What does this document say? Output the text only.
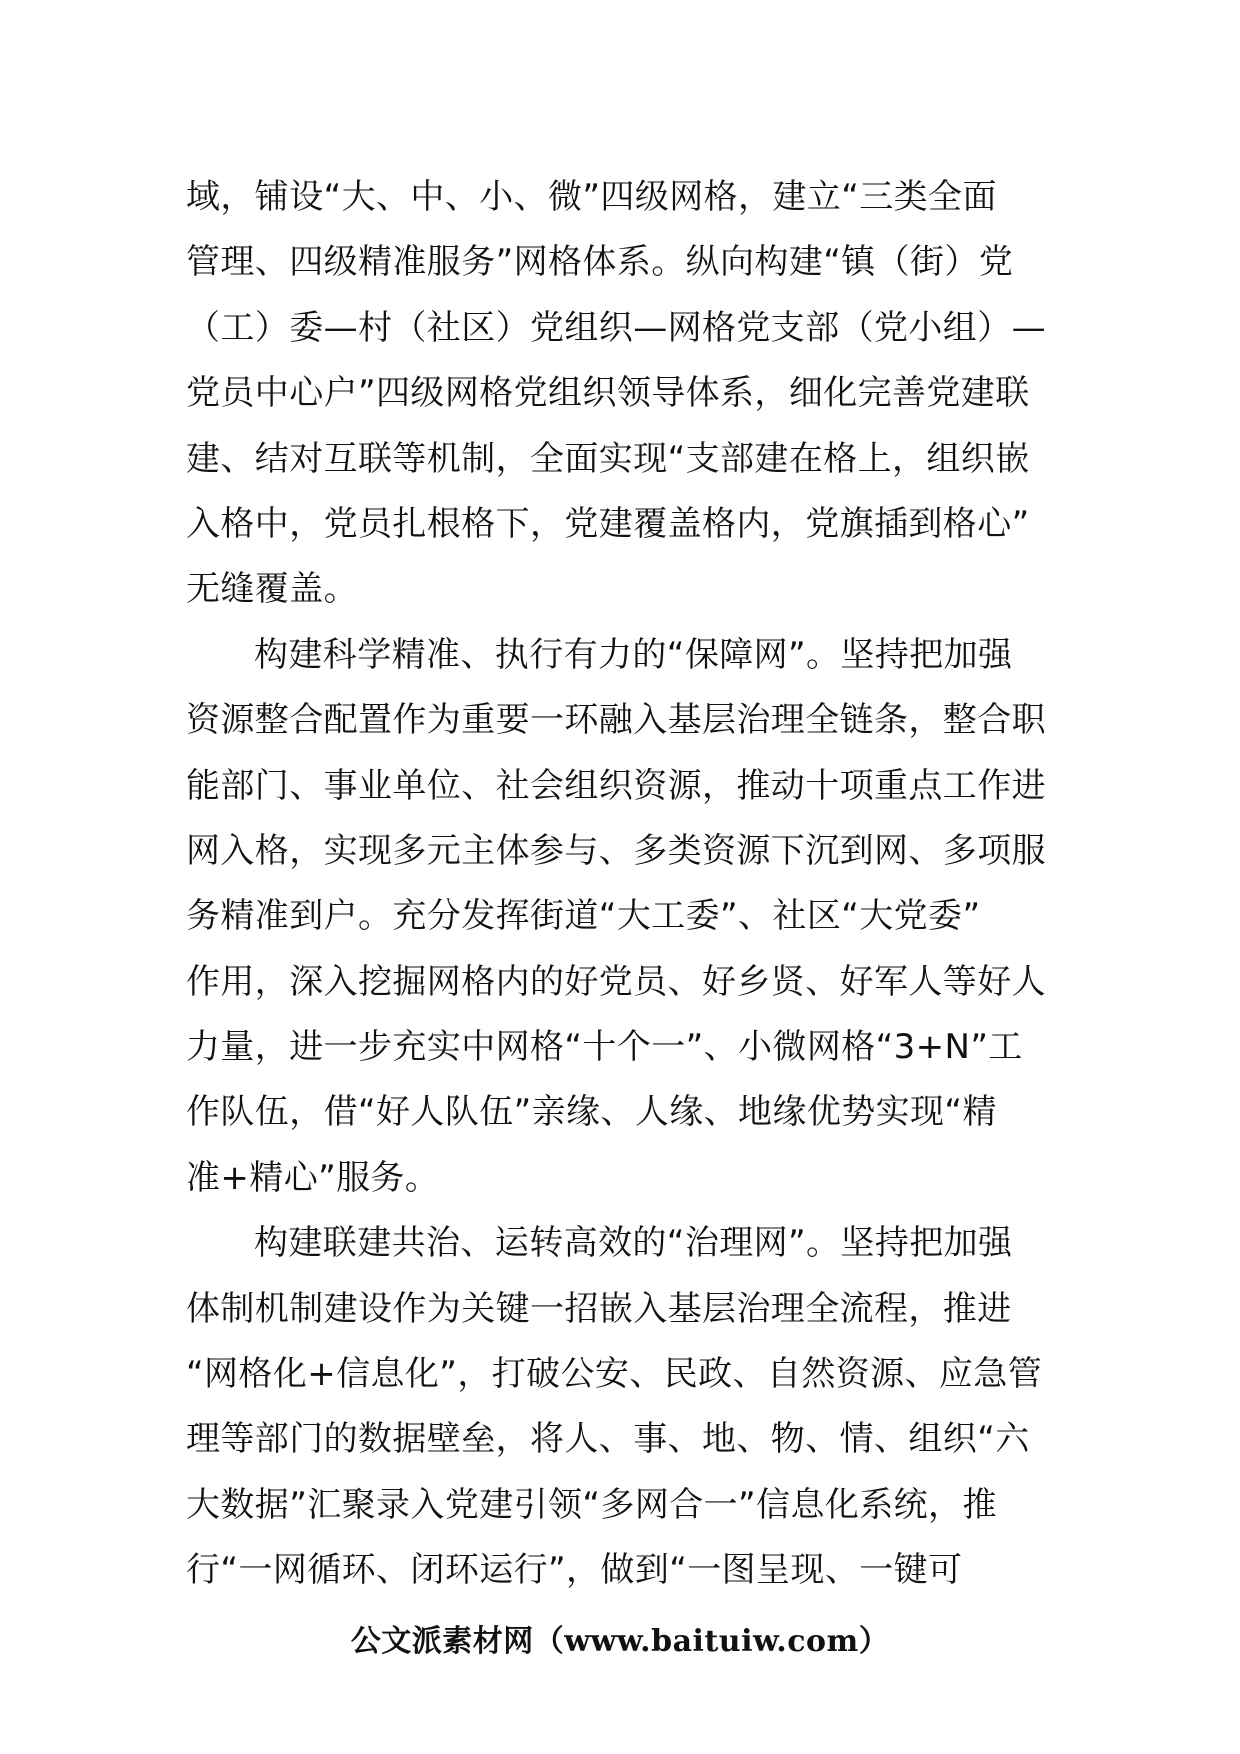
域，铺设“大、中、小、微”四级网格，建立“三类全面
管理、四级精准服务”网格体系。纵向构建“镇（街）党
（工）委—村（社区）党组织—网格党支部（党小组）—
党员中心户”四级网格党组织领导体系，细化完善党建联
建、结对互联等机制，全面实现“支部建在格上，组织嵌
入格中，党员扎根格下，党建覆盖格内，党旗插到格心”
无缝覆盖。
构建科学精准、执行有力的“保障网”。坚持把加强
资源整合配置作为重要一环融入基层治理全链条，整合职
能部门、事业单位、社会组织资源，推动十项重点工作进
网入格，实现多元主体参与、多类资源下沉到网、多项服
务精准到户。充分发挥街道“大工委”、社区“大党委”
作用，深入挖掘网格内的好党员、好乡贤、好军人等好人
力量，进一步充实中网格“十个一”、小微网格“3+N”工
作队伍，借“好人队伍”亲缘、人缘、地缘优势实现“精
准+精心”服务。
构建联建共治、运转高效的“治理网”。坚持把加强
体制机制建设作为关键一招嵌入基层治理全流程，推进
“网格化+信息化”，打破公安、民政、自然资源、应急管
理等部门的数据壁垒，将人、事、地、物、情、组织“六
大数据”汇聚录入党建引领“多网合一”信息化系统，推
行“一网循环、闭环运行”，做到“一图呈现、一键可
公文派素材网（www.baituiw.com）
